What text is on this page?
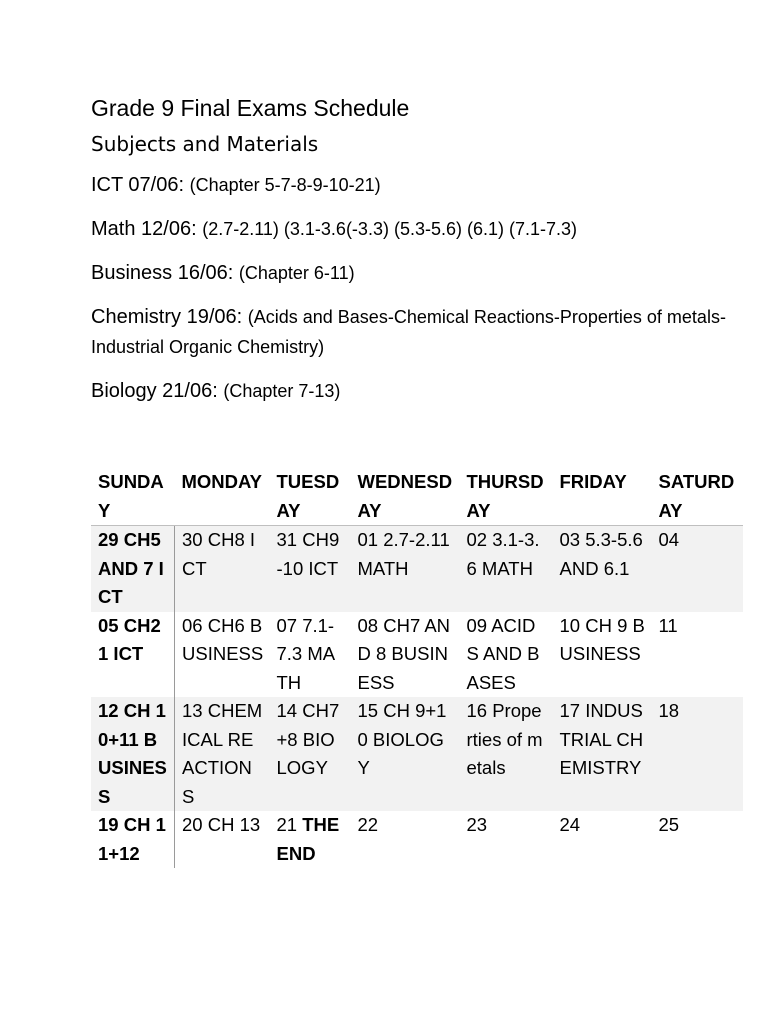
Grade 9 Final Exams Schedule
Subjects and Materials

ICT 07/06: (Chapter 5-7-8-9-10-21)

Math 12/06: (2.7-2.11) (3.1-3.6(-3.3) (5.3-5.6) (6.1) (7.1-7.3)

Business 16/06: (Chapter 6-11)

Chemistry 19/06: (Acids and Bases-Chemical Reactions-Properties of metals-Industrial Organic Chemistry)

Biology 21/06: (Chapter 7-13)

SUNDAY	MONDAY	TUESDAY	WEDNESDAY	THURSDAY	FRIDAY	SATURDAY
29 CH5 AND 7 ICT	30 CH8 ICT	31 CH9-10 ICT	01 2.7-2.11 MATH	02 3.1-3.6 MATH	03 5.3-5.6 AND 6.1	04
05 CH21 ICT	06 CH6 BUSINESS	07 7.1-7.3 MATH	08 CH7 AND 8 BUSINESS	09 ACIDS AND BASES	10 CH 9 BUSINESS	11
12 CH 10+11 BUSINESS	13 CHEMICAL REACTIONS	14 CH7+8 BIOLOGY	15 CH 9+10 BIOLOGY	16 Properties of metals	17 INDUSTRIAL CHEMISTRY	18
19 CH 11+12	20 CH 13	21 THE END	22	23	24	25
